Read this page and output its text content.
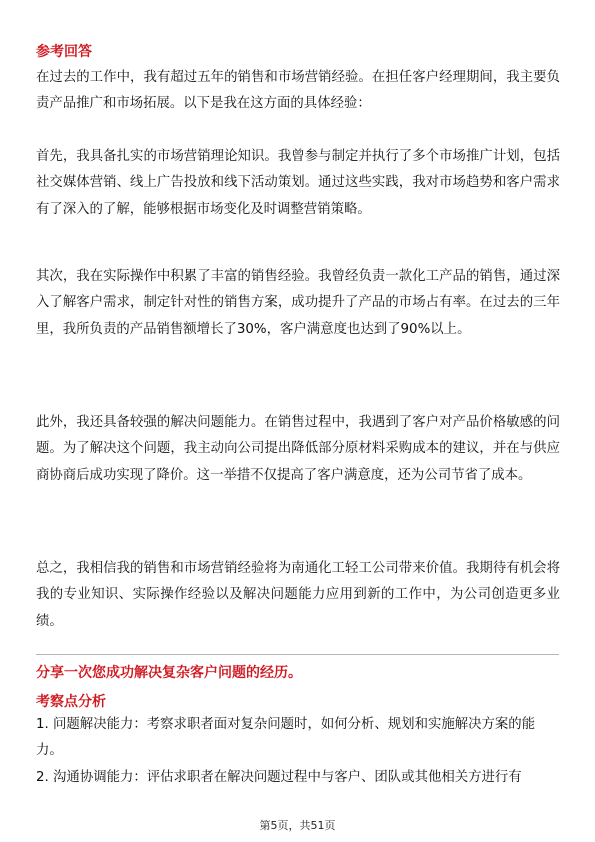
参考回答

在过去的工作中，我有超过五年的销售和市场营销经验。在担任客户经理期间，我主要负责产品推广和市场拓展。以下是我在这方面的具体经验：

首先，我具备扎实的市场营销理论知识。我曾参与制定并执行了多个市场推广计划，包括社交媒体营销、线上广告投放和线下活动策划。通过这些实践，我对市场趋势和客户需求有了深入的了解，能够根据市场变化及时调整营销策略。

其次，我在实际操作中积累了丰富的销售经验。我曾经负责一款化工产品的销售，通过深入了解客户需求，制定针对性的销售方案，成功提升了产品的市场占有率。在过去的三年里，我所负责的产品销售额增长了30%，客户满意度也达到了90%以上。

此外，我还具备较强的解决问题能力。在销售过程中，我遇到了客户对产品价格敏感的问题。为了解决这个问题，我主动向公司提出降低部分原材料采购成本的建议，并在与供应商协商后成功实现了降价。这一举措不仅提高了客户满意度，还为公司节省了成本。

总之，我相信我的销售和市场营销经验将为南通化工轻工公司带来价值。我期待有机会将我的专业知识、实际操作经验以及解决问题能力应用到新的工作中，为公司创造更多业绩。

分享一次您成功解决复杂客户问题的经历。

考察点分析

1. 问题解决能力：考察求职者面对复杂问题时，如何分析、规划和实施解决方案的能力。

2. 沟通协调能力：评估求职者在解决问题过程中与客户、团队或其他相关方进行有

第5页，共51页
